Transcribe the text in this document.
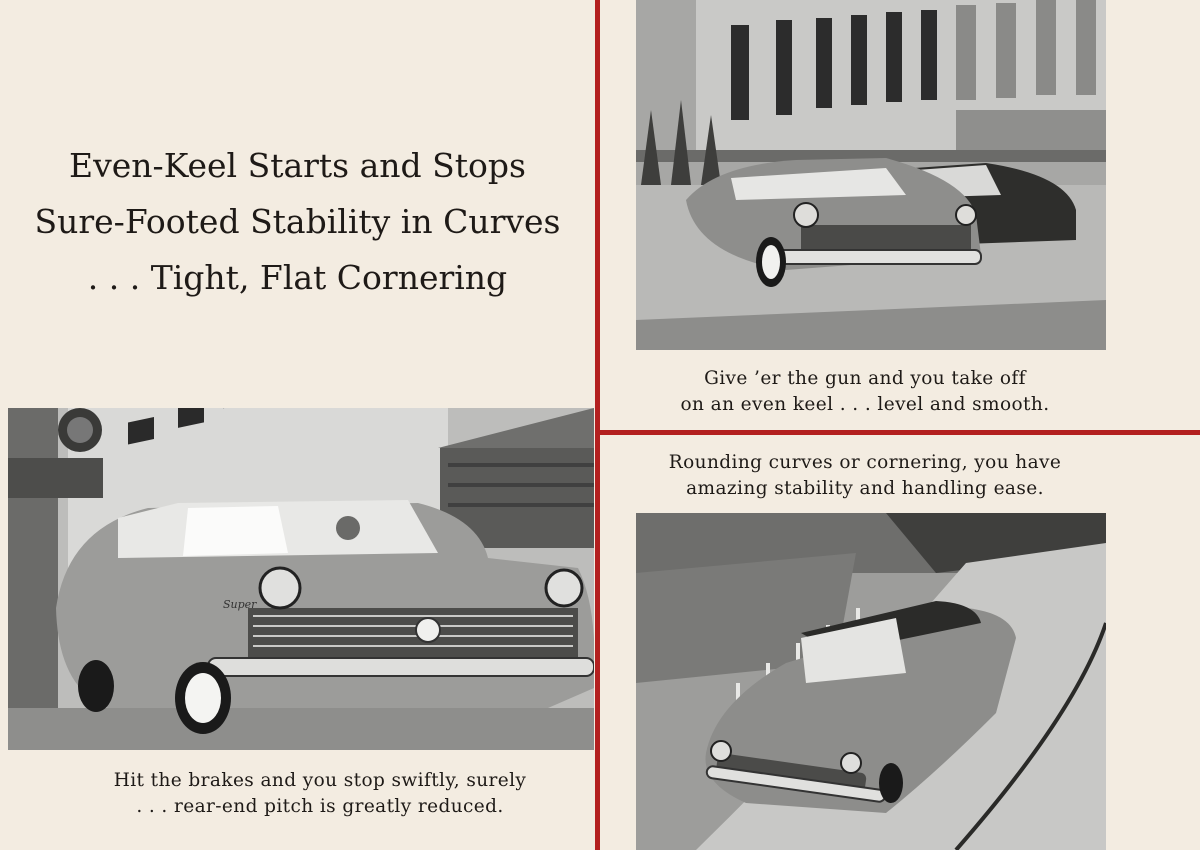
Even-Keel Starts and Stops
Sure-Footed Stability in Curves
. . . Tight, Flat Cornering
Super
Hit the brakes and you stop swiftly, surely
. . . rear-end pitch is greatly reduced.
Give ’er the gun and you take off
on an even keel . . . level and smooth.
Rounding curves or cornering, you have
amazing stability and handling ease.
